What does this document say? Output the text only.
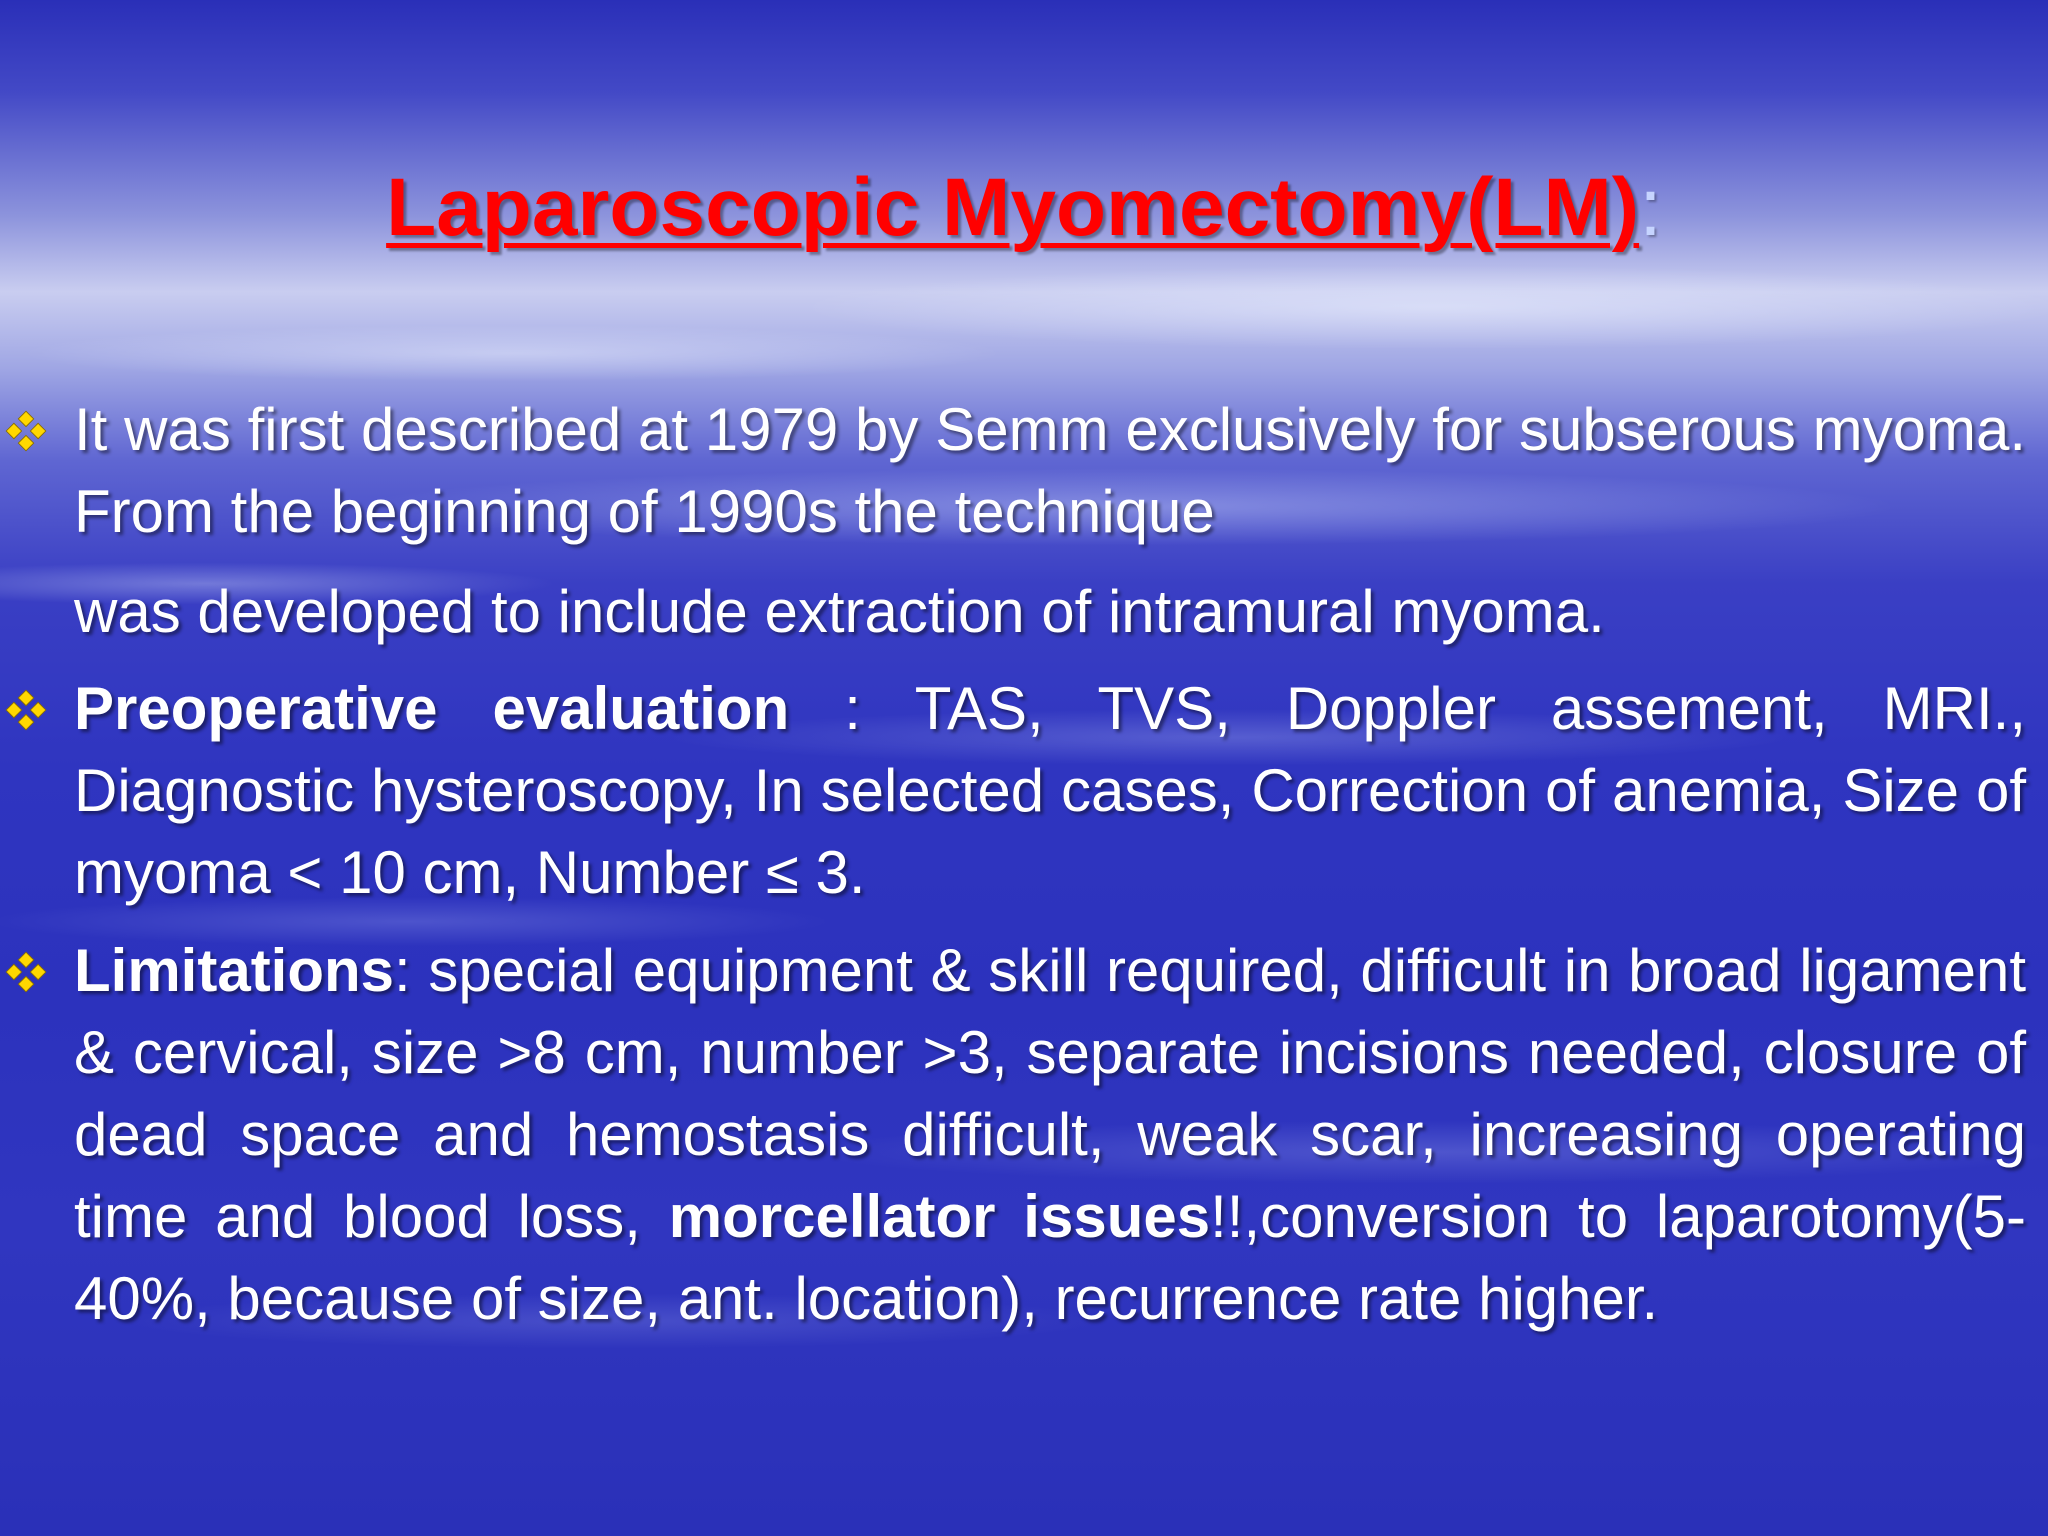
Laparoscopic Myomectomy(LM):
It was first described at 1979 by Semm exclusively for subserous myoma. From the beginning of 1990s the technique
was developed to include extraction of intramural myoma.
Preoperative evaluation : TAS, TVS, Doppler assement, MRI., Diagnostic hysteroscopy, In selected cases, Correction of anemia, Size of myoma < 10 cm, Number ≤ 3.
Limitations: special equipment & skill required, difficult in broad ligament & cervical, size >8 cm, number >3, separate incisions needed, closure of dead space and hemostasis difficult, weak scar, increasing operating time and blood loss, morcellator issues!!,conversion to laparotomy(5-40%, because of size, ant. location), recurrence rate higher.
